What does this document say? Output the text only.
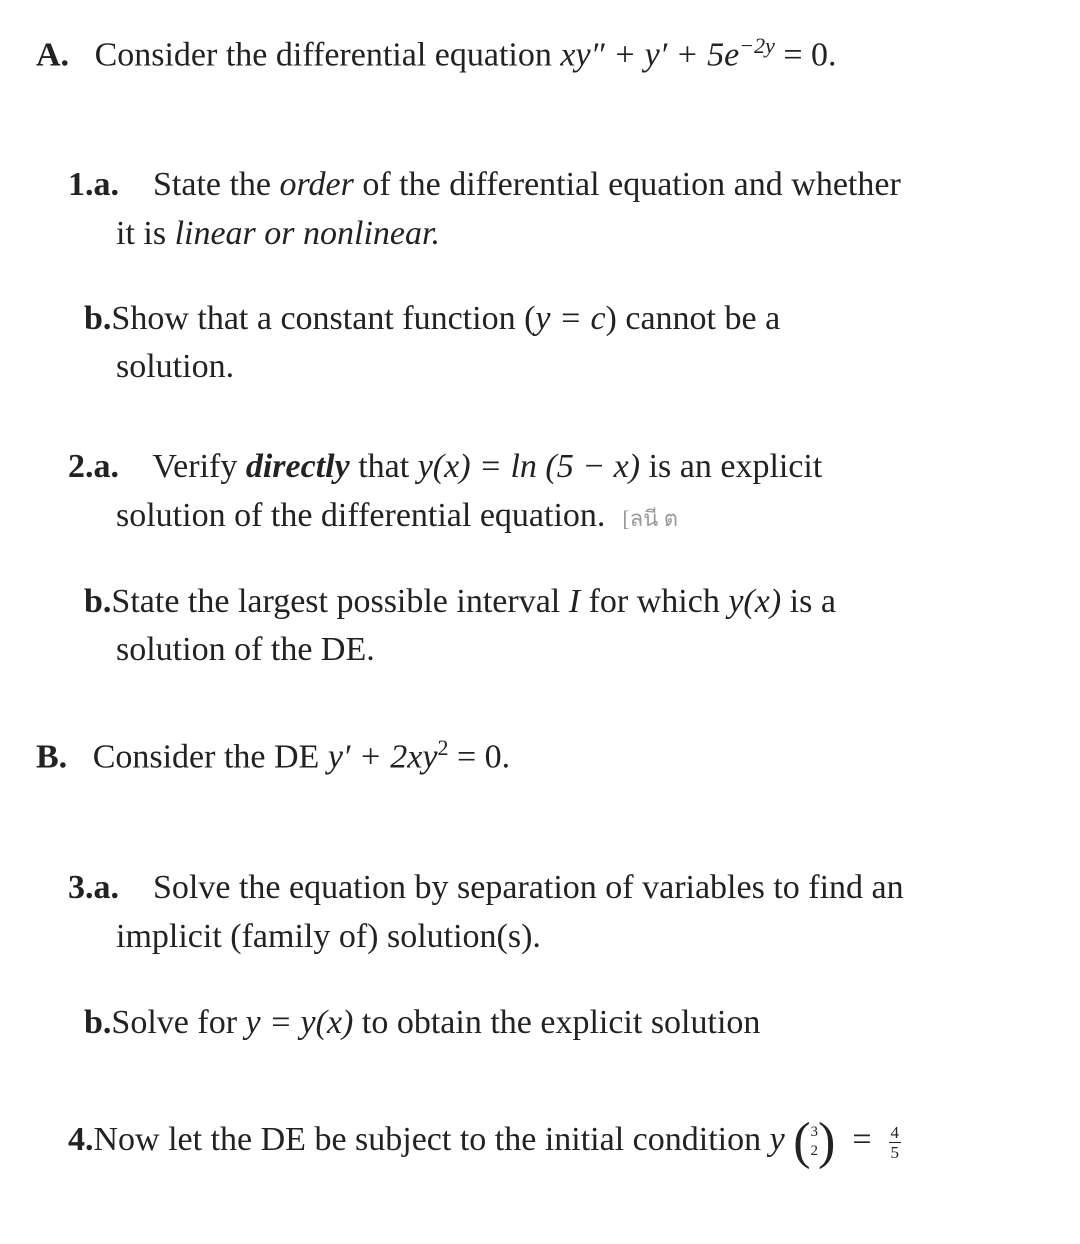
A. Consider the differential equation $xy'' + y' + 5e^{-2y} = 0$.
1.a. State the order of the differential equation and whether
it is linear or nonlinear.
b.Show that a constant function (y = c) cannot be a
solution.
2.a. Verify directly that y(x) = ln (5 − x) is an explicit
solution of the differential equation. [ลนี ต
b.State the largest possible interval I for which y(x) is a
solution of the DE.
B. Consider the DE $y' + 2xy^2 = 0$.
3.a. Solve the equation by separation of variables to find an
implicit (family of) solution(s).
b.Solve for y = y(x) to obtain the explicit solution
4.Now let the DE be subject to the initial condition y ( 3
2 ) = $\frac{4}{5}$
